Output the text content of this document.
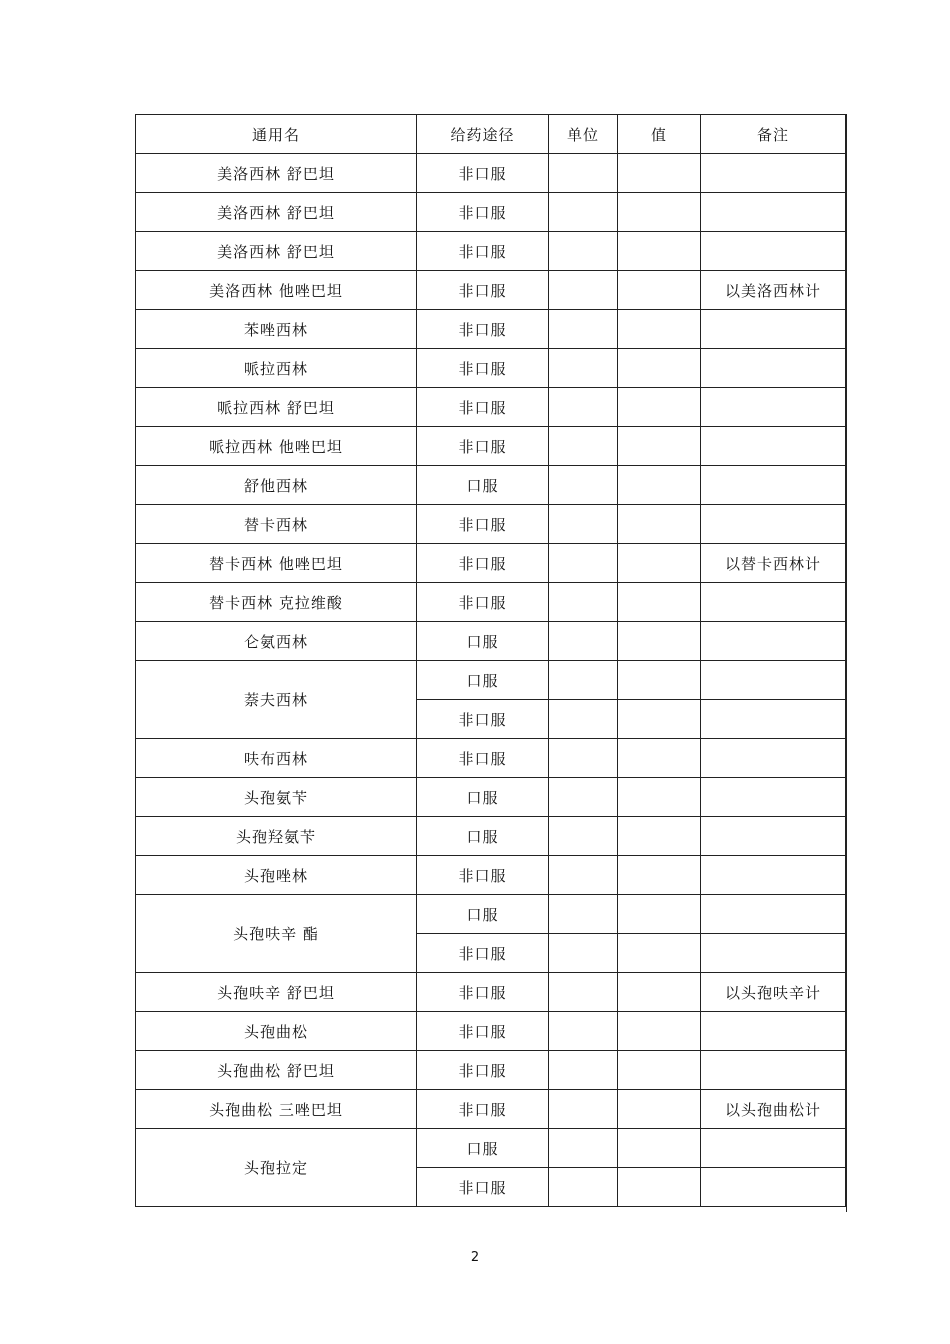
通用名	给药途径	单位	值	备注
美洛西林 舒巴坦	非口服			
美洛西林 舒巴坦	非口服			
美洛西林 舒巴坦	非口服			
美洛西林 他唑巴坦	非口服			以美洛西林计
苯唑西林	非口服			
哌拉西林	非口服			
哌拉西林 舒巴坦	非口服			
哌拉西林 他唑巴坦	非口服			
舒他西林	口服			
替卡西林	非口服			
替卡西林 他唑巴坦	非口服			以替卡西林计
替卡西林 克拉维酸	非口服			
仑氨西林	口服			
萘夫西林	口服			
	非口服			
呋布西林	非口服			
头孢氨苄	口服			
头孢羟氨苄	口服			
头孢唑林	非口服			
头孢呋辛 酯	口服			
	非口服			
头孢呋辛 舒巴坦	非口服			以头孢呋辛计
头孢曲松	非口服			
头孢曲松 舒巴坦	非口服			
头孢曲松 三唑巴坦	非口服			以头孢曲松计
头孢拉定	口服			
	非口服			
2
